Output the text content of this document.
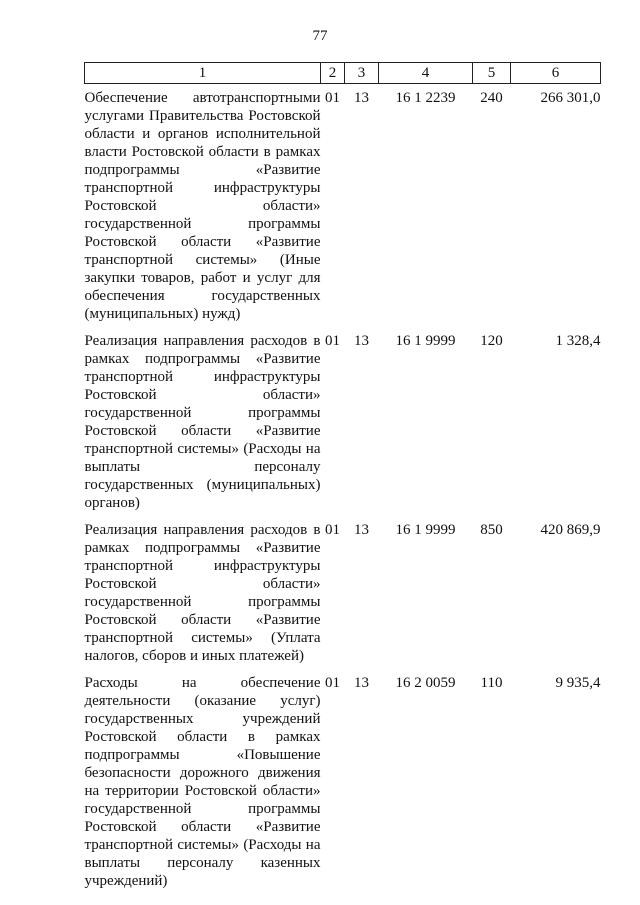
77
1	2	3	4	5	6
Обеспечение автотранспортными услугами Правительства Ростовской области и органов исполнительной власти Ростовской области в рамках подпрограммы «Развитие транспортной инфраструктуры Ростовской области» государственной программы Ростовской области «Развитие транспортной системы» (Иные закупки товаров, работ и услуг для обеспечения государственных (муниципальных) нужд)	01	13	16 1 2239	240	266 301,0
Реализация направления расходов в рамках подпрограммы «Развитие транспортной инфраструктуры Ростовской области» государственной программы Ростовской области «Развитие транспортной системы» (Расходы на выплаты персоналу государственных (муниципальных) органов)	01	13	16 1 9999	120	1 328,4
Реализация направления расходов в рамках подпрограммы «Развитие транспортной инфраструктуры Ростовской области» государственной программы Ростовской области «Развитие транспортной системы» (Уплата налогов, сборов и иных платежей)	01	13	16 1 9999	850	420 869,9
Расходы на обеспечение деятельности (оказание услуг) государственных учреждений Ростовской области в рамках подпрограммы «Повышение безопасности дорожного движения на территории Ростовской области» государственной программы Ростовской области «Развитие транспортной системы» (Расходы на выплаты персоналу казенных учреждений)	01	13	16 2 0059	110	9 935,4
